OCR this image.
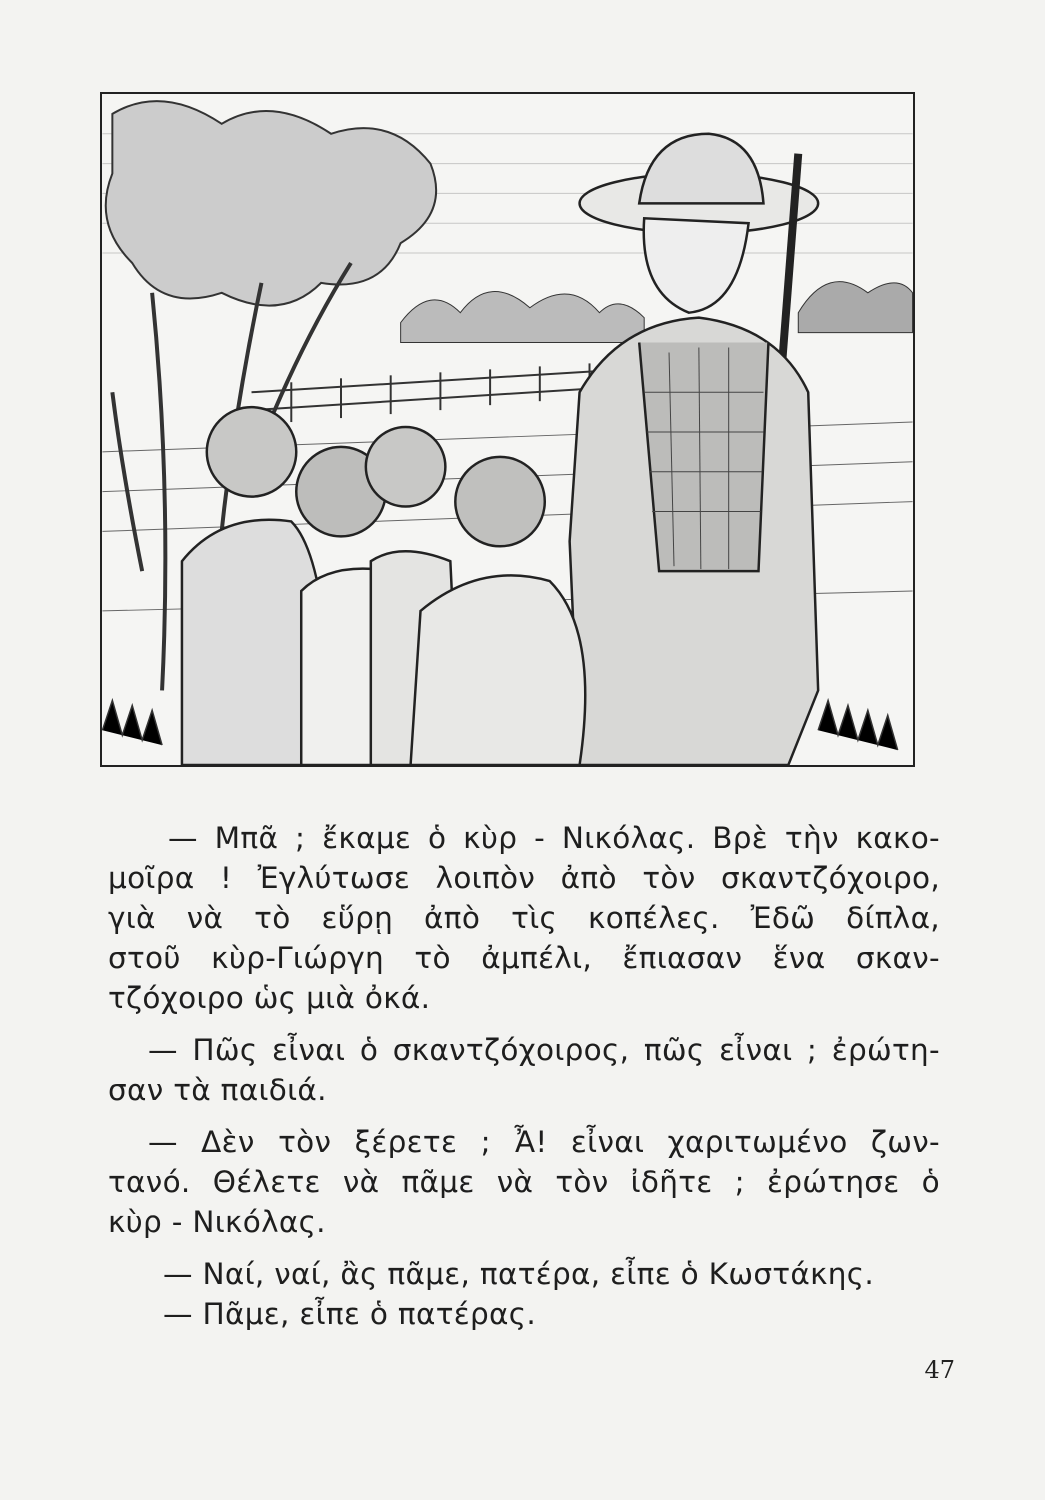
— Μπᾶ ; ἔκαμε ὁ κὺρ - Νικόλας. Βρὲ τὴν κακο-
μοῖρα ! Ἐγλύτωσε λοιπὸν ἀπὸ τὸν σκαντζόχοιρο,
γιὰ νὰ τὸ εὕρῃ ἀπὸ τὶς κοπέλες. Ἐδῶ δίπλα,
στοῦ κὺρ-Γιώργη τὸ ἀμπέλι, ἔπιασαν ἕνα σκαν-
τζόχοιρο ὡς μιὰ ὀκά.
— Πῶς εἶναι ὁ σκαντζόχοιρος, πῶς εἶναι ; ἐρώτη-
σαν τὰ παιδιά.
— Δὲν τὸν ξέρετε ; Ἆ! εἶναι χαριτωμένο ζων-
τανό. Θέλετε νὰ πᾶμε νὰ τὸν ἰδῆτε ; ἐρώτησε ὁ
κὺρ - Νικόλας.
— Ναί, ναί, ἂς πᾶμε, πατέρα, εἶπε ὁ Κωστάκης.
— Πᾶμε, εἶπε ὁ πατέρας.
47
